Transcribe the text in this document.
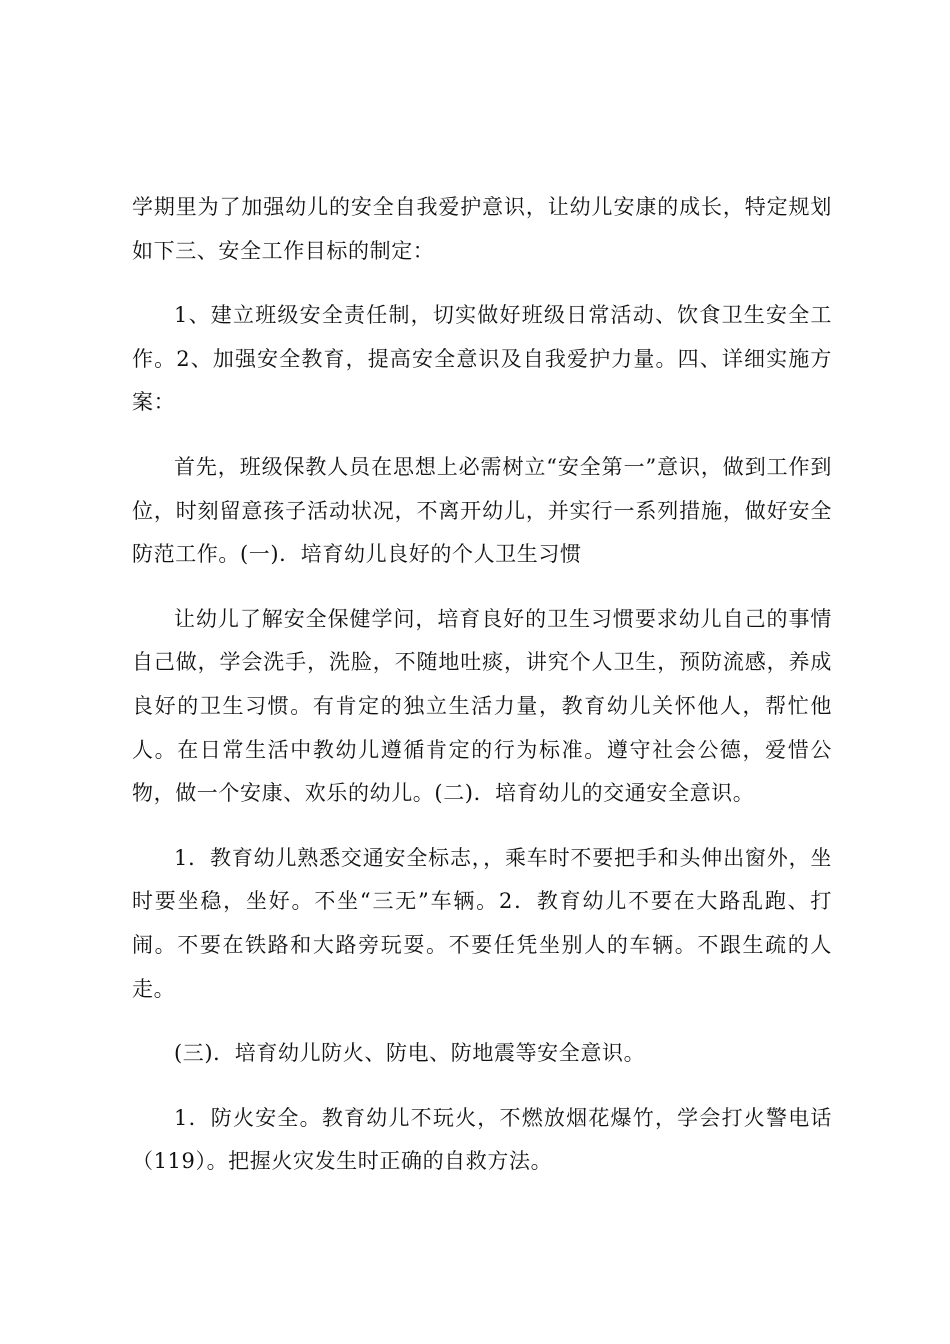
学期里为了加强幼儿的安全自我爱护意识，让幼儿安康的成长，特定规划如下三、安全工作目标的制定：

1、建立班级安全责任制，切实做好班级日常活动、饮食卫生安全工作。2、加强安全教育，提高安全意识及自我爱护力量。四、详细实施方案：

首先，班级保教人员在思想上必需树立“安全第一”意识，做到工作到位，时刻留意孩子活动状况，不离开幼儿，并实行一系列措施，做好安全防范工作。(一)．培育幼儿良好的个人卫生习惯

让幼儿了解安全保健学问，培育良好的卫生习惯要求幼儿自己的事情自己做，学会洗手，洗脸，不随地吐痰，讲究个人卫生，预防流感，养成良好的卫生习惯。有肯定的独立生活力量，教育幼儿关怀他人，帮忙他人。在日常生活中教幼儿遵循肯定的行为标准。遵守社会公德，爱惜公物，做一个安康、欢乐的幼儿。(二)．培育幼儿的交通安全意识。

1．教育幼儿熟悉交通安全标志，，乘车时不要把手和头伸出窗外，坐时要坐稳，坐好。不坐“三无”车辆。2．教育幼儿不要在大路乱跑、打闹。不要在铁路和大路旁玩耍。不要任凭坐别人的车辆。不跟生疏的人走。

(三)．培育幼儿防火、防电、防地震等安全意识。

1．防火安全。教育幼儿不玩火，不燃放烟花爆竹，学会打火警电话（119）。把握火灾发生时正确的自救方法。
